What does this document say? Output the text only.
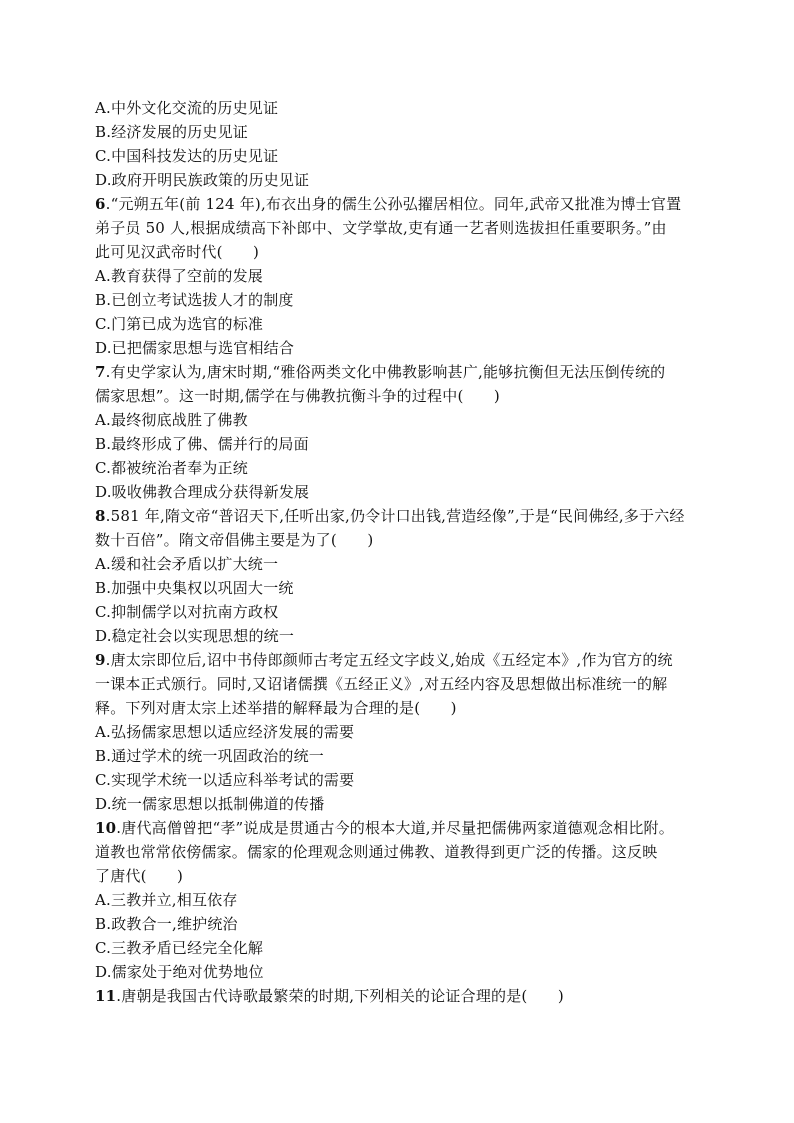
A.中外文化交流的历史见证
B.经济发展的历史见证
C.中国科技发达的历史见证
D.政府开明民族政策的历史见证
6.“元朔五年(前 124 年),布衣出身的儒生公孙弘擢居相位。同年,武帝又批准为博士官置
弟子员 50 人,根据成绩高下补郎中、文学掌故,吏有通一艺者则选拔担任重要职务。”由
此可见汉武帝时代(　　)
A.教育获得了空前的发展
B.已创立考试选拔人才的制度
C.门第已成为选官的标准
D.已把儒家思想与选官相结合
7.有史学家认为,唐宋时期,“雅俗两类文化中佛教影响甚广,能够抗衡但无法压倒传统的
儒家思想”。这一时期,儒学在与佛教抗衡斗争的过程中(　　)
A.最终彻底战胜了佛教
B.最终形成了佛、儒并行的局面
C.都被统治者奉为正统
D.吸收佛教合理成分获得新发展
8.581 年,隋文帝“普诏天下,任听出家,仍令计口出钱,营造经像”,于是“民间佛经,多于六经
数十百倍”。隋文帝倡佛主要是为了(　　)
A.缓和社会矛盾以扩大统一
B.加强中央集权以巩固大一统
C.抑制儒学以对抗南方政权
D.稳定社会以实现思想的统一
9.唐太宗即位后,诏中书侍郎颜师古考定五经文字歧义,始成《五经定本》,作为官方的统
一课本正式颁行。同时,又诏诸儒撰《五经正义》,对五经内容及思想做出标准统一的解
释。下列对唐太宗上述举措的解释最为合理的是(　　)
A.弘扬儒家思想以适应经济发展的需要
B.通过学术的统一巩固政治的统一
C.实现学术统一以适应科举考试的需要
D.统一儒家思想以抵制佛道的传播
10.唐代高僧曾把“孝”说成是贯通古今的根本大道,并尽量把儒佛两家道德观念相比附。
道教也常常依傍儒家。儒家的伦理观念则通过佛教、道教得到更广泛的传播。这反映
了唐代(　　)
A.三教并立,相互依存
B.政教合一,维护统治
C.三教矛盾已经完全化解
D.儒家处于绝对优势地位
11.唐朝是我国古代诗歌最繁荣的时期,下列相关的论证合理的是(　　)
